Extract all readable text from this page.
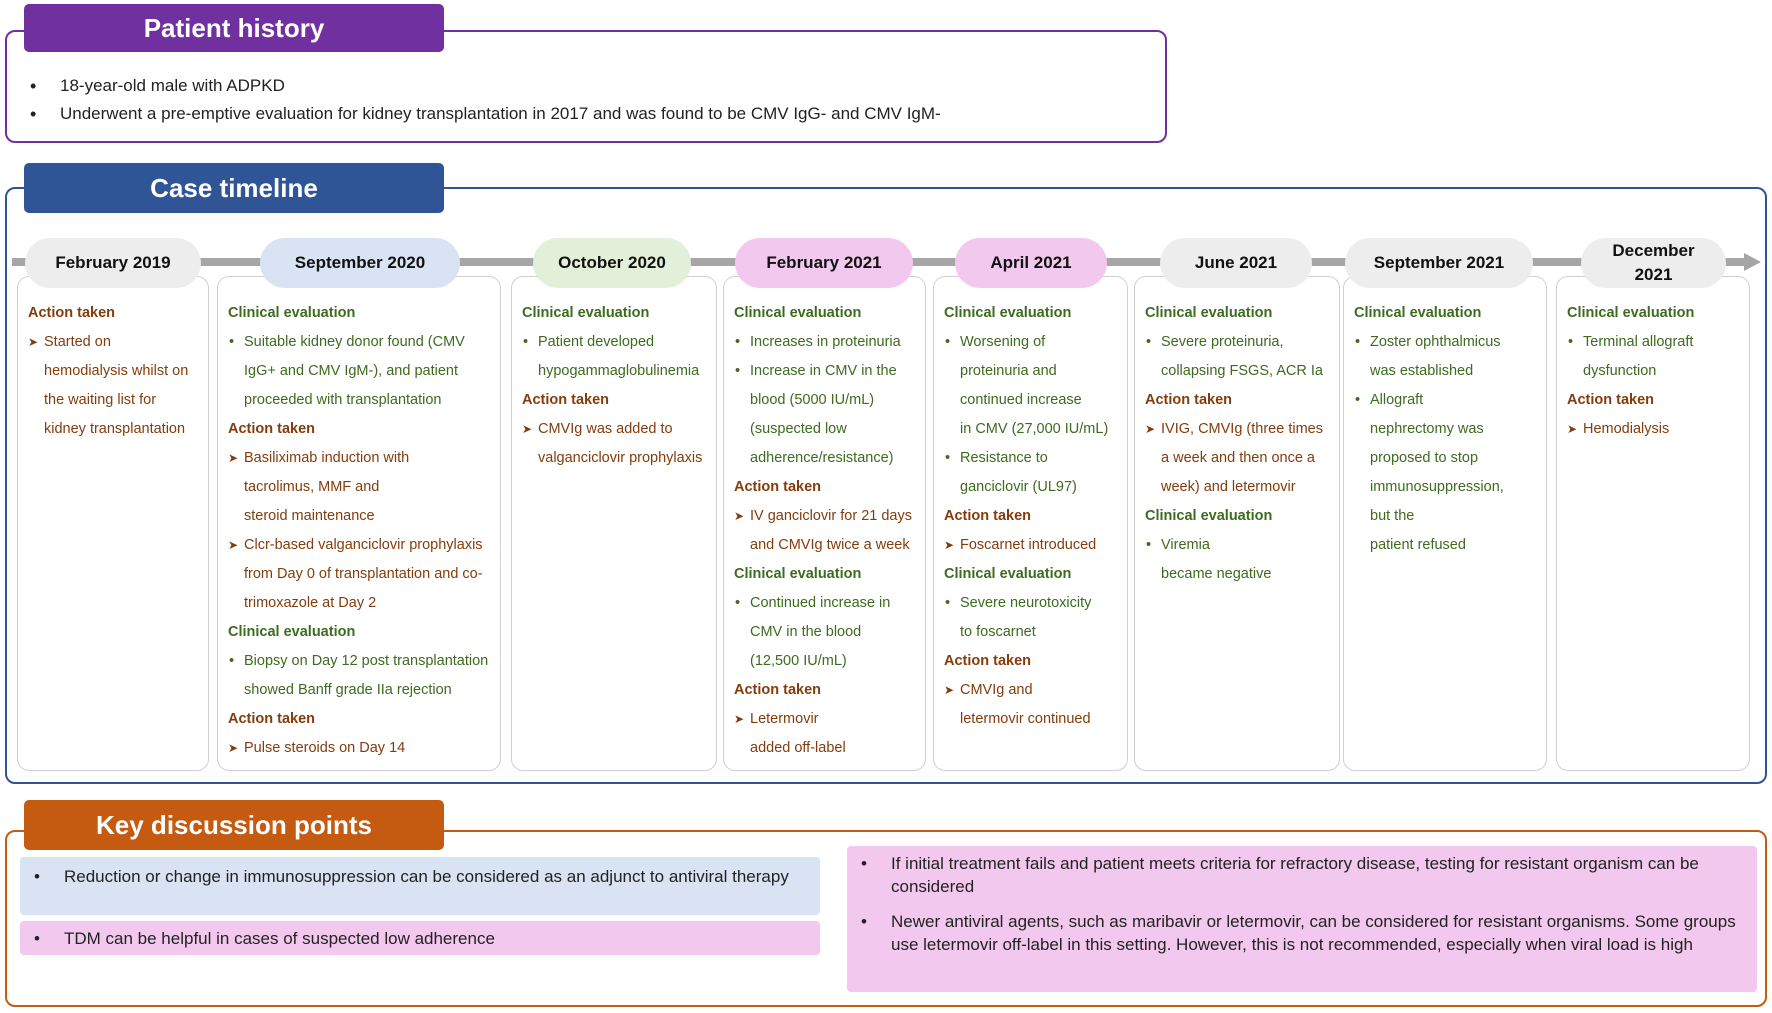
Patient history
• 18-year-old male with ADPKD
• Underwent a pre-emptive evaluation for kidney transplantation in 2017 and was found to be CMV IgG- and CMV IgM-
Case timeline
Action taken
➤ Started on
hemodialysis whilst on
the waiting list for
kidney transplantation
Clinical evaluation
• Suitable kidney donor found (CMV
IgG+ and CMV IgM-), and patient
proceeded with transplantation
Action taken
➤ Basiliximab induction with
tacrolimus, MMF and
steroid maintenance
➤ Clcr-based valganciclovir prophylaxis
from Day 0 of transplantation and co-
trimoxazole at Day 2
Clinical evaluation
• Biopsy on Day 12 post transplantation
showed Banff grade IIa rejection
Action taken
➤ Pulse steroids on Day 14
Clinical evaluation
• Patient developed
hypogammaglobulinemia
Action taken
➤ CMVIg was added to
valganciclovir prophylaxis
Clinical evaluation
• Increases in proteinuria
• Increase in CMV in the
blood (5000 IU/mL)
(suspected low
adherence/resistance)
Action taken
➤ IV ganciclovir for 21 days
and CMVIg twice a week
Clinical evaluation
• Continued increase in
CMV in the blood
(12,500 IU/mL)
Action taken
➤ Letermovir
added off-label
Clinical evaluation
• Worsening of
proteinuria and
continued increase
in CMV (27,000 IU/mL)
• Resistance to
ganciclovir (UL97)
Action taken
➤ Foscarnet introduced
Clinical evaluation
• Severe neurotoxicity
to foscarnet
Action taken
➤ CMVIg and
letermovir continued
Clinical evaluation
• Severe proteinuria,
collapsing FSGS, ACR Ia
Action taken
➤ IVIG, CMVIg (three times
a week and then once a
week) and letermovir
Clinical evaluation
• Viremia
became negative
Clinical evaluation
• Zoster ophthalmicus
was established
• Allograft
nephrectomy was
proposed to stop
immunosuppression,
but the
patient refused
Clinical evaluation
• Terminal allograft
dysfunction
Action taken
➤ Hemodialysis
February 2019	September 2020	October 2020	February 2021	April 2021	June 2021	September 2021
December 2021
Key discussion points
• Reduction or change in immunosuppression can be considered as an adjunct to antiviral therapy
• TDM can be helpful in cases of suspected low adherence
• If initial treatment fails and patient meets criteria for refractory disease, testing for resistant organism can be considered
• Newer antiviral agents, such as maribavir or letermovir, can be considered for resistant organisms. Some groups use letermovir off-label in this setting. However, this is not recommended, especially when viral load is high
